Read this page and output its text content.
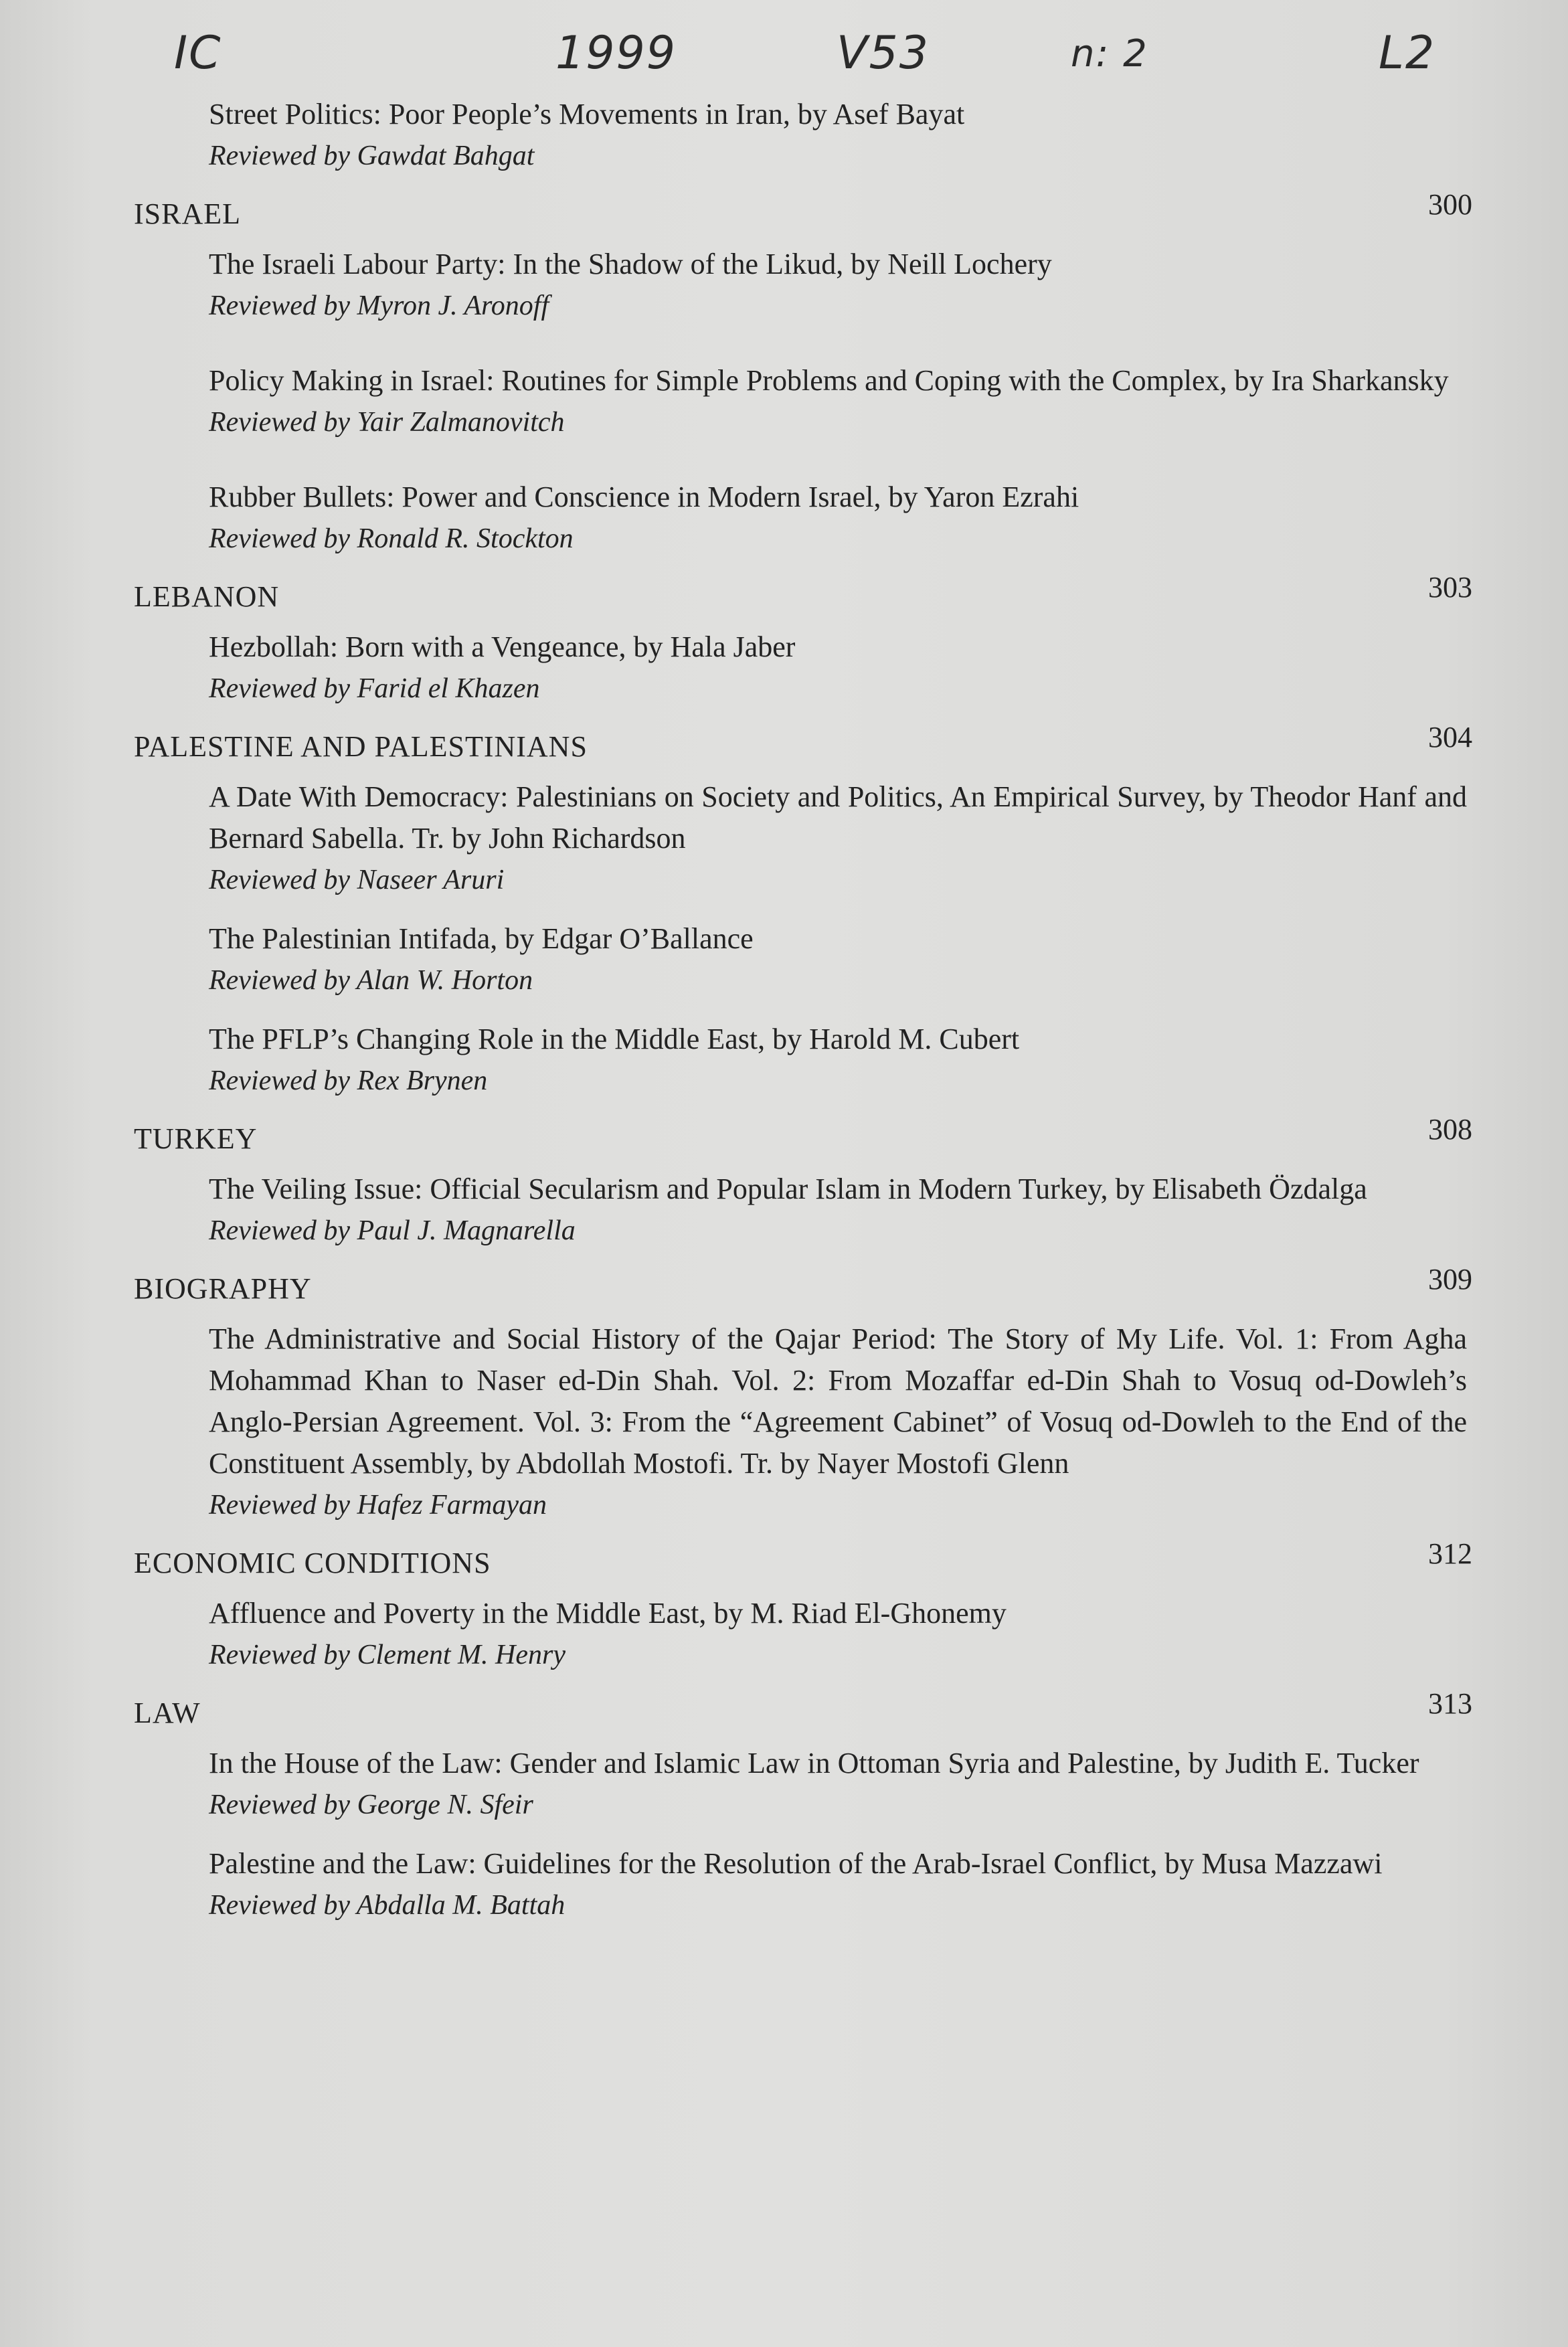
IC	1999	V53	n: 2	L2
Street Politics: Poor People’s Movements in Iran, by Asef Bayat
Reviewed by Gawdat Bahgat
ISRAEL	300
The Israeli Labour Party: In the Shadow of the Likud, by Neill Lochery
Reviewed by Myron J. Aronoff
Policy Making in Israel: Routines for Simple Problems and Coping with the Complex, by Ira Sharkansky
Reviewed by Yair Zalmanovitch
Rubber Bullets: Power and Conscience in Modern Israel, by Yaron Ezrahi
Reviewed by Ronald R. Stockton
LEBANON	303
Hezbollah: Born with a Vengeance, by Hala Jaber
Reviewed by Farid el Khazen
PALESTINE AND PALESTINIANS	304
A Date With Democracy: Palestinians on Society and Politics, An Empirical Survey, by Theodor Hanf and Bernard Sabella. Tr. by John Richardson
Reviewed by Naseer Aruri
The Palestinian Intifada, by Edgar O’Ballance
Reviewed by Alan W. Horton
The PFLP’s Changing Role in the Middle East, by Harold M. Cubert
Reviewed by Rex Brynen
TURKEY	308
The Veiling Issue: Official Secularism and Popular Islam in Modern Turkey, by Elisabeth Özdalga
Reviewed by Paul J. Magnarella
BIOGRAPHY	309
The Administrative and Social History of the Qajar Period: The Story of My Life. Vol. 1: From Agha Mohammad Khan to Naser ed-Din Shah. Vol. 2: From Mozaffar ed-Din Shah to Vosuq od-Dowleh’s Anglo-Persian Agreement. Vol. 3: From the “Agreement Cabinet” of Vosuq od-Dowleh to the End of the Constituent Assembly, by Abdollah Mostofi. Tr. by Nayer Mostofi Glenn
Reviewed by Hafez Farmayan
ECONOMIC CONDITIONS	312
Affluence and Poverty in the Middle East, by M. Riad El-Ghonemy
Reviewed by Clement M. Henry
LAW	313
In the House of the Law: Gender and Islamic Law in Ottoman Syria and Palestine, by Judith E. Tucker
Reviewed by George N. Sfeir
Palestine and the Law: Guidelines for the Resolution of the Arab-Israel Conflict, by Musa Mazzawi
Reviewed by Abdalla M. Battah
